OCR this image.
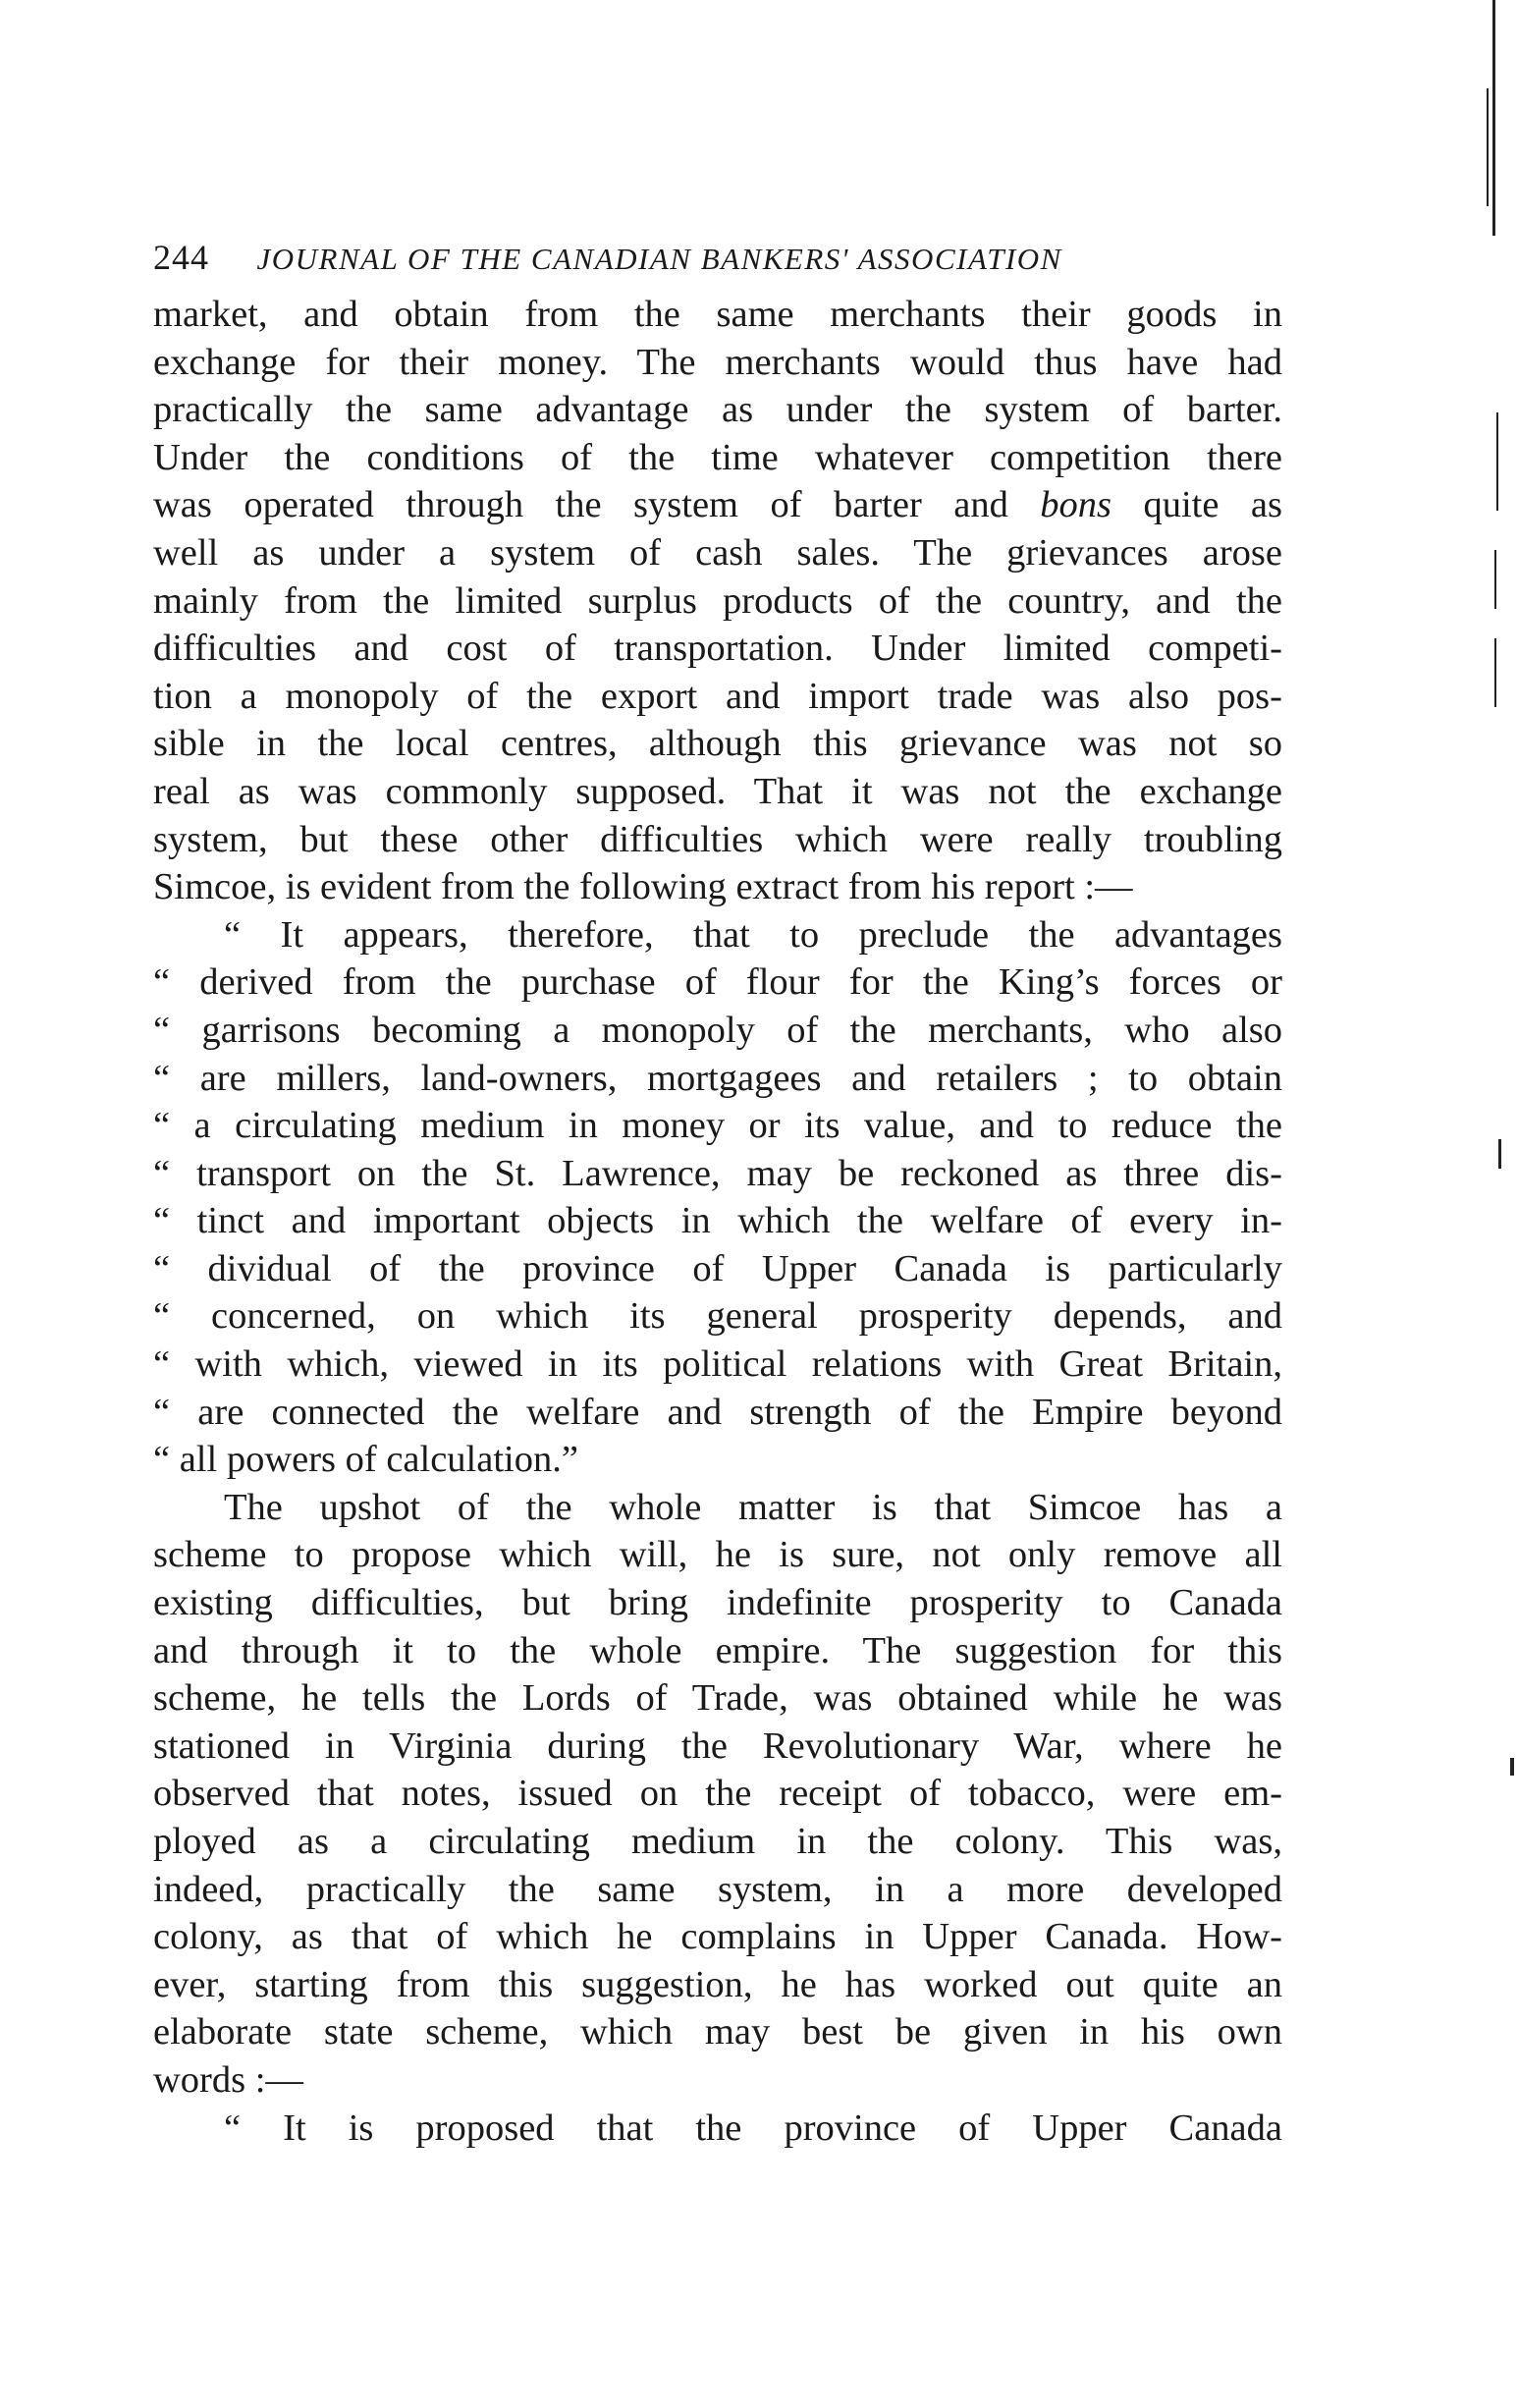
244 JOURNAL OF THE CANADIAN BANKERS' ASSOCIATION
market, and obtain from the same merchants their goods in
exchange for their money. The merchants would thus have had
practically the same advantage as under the system of barter.
Under the conditions of the time whatever competition there
was operated through the system of barter and bons quite as
well as under a system of cash sales. The grievances arose
mainly from the limited surplus products of the country, and the
difficulties and cost of transportation. Under limited competi-
tion a monopoly of the export and import trade was also pos-
sible in the local centres, although this grievance was not so
real as was commonly supposed. That it was not the exchange
system, but these other difficulties which were really troubling
Simcoe, is evident from the following extract from his report :—
“ It appears, therefore, that to preclude the advantages
“ derived from the purchase of flour for the King’s forces or
“ garrisons becoming a monopoly of the merchants, who also
“ are millers, land-owners, mortgagees and retailers ; to obtain
“ a circulating medium in money or its value, and to reduce the
“ transport on the St. Lawrence, may be reckoned as three dis-
“ tinct and important objects in which the welfare of every in-
“ dividual of the province of Upper Canada is particularly
“ concerned, on which its general prosperity depends, and
“ with which, viewed in its political relations with Great Britain,
“ are connected the welfare and strength of the Empire beyond
“ all powers of calculation.”
The upshot of the whole matter is that Simcoe has a
scheme to propose which will, he is sure, not only remove all
existing difficulties, but bring indefinite prosperity to Canada
and through it to the whole empire. The suggestion for this
scheme, he tells the Lords of Trade, was obtained while he was
stationed in Virginia during the Revolutionary War, where he
observed that notes, issued on the receipt of tobacco, were em-
ployed as a circulating medium in the colony. This was,
indeed, practically the same system, in a more developed
colony, as that of which he complains in Upper Canada. How-
ever, starting from this suggestion, he has worked out quite an
elaborate state scheme, which may best be given in his own
words :—
“ It is proposed that the province of Upper Canada
